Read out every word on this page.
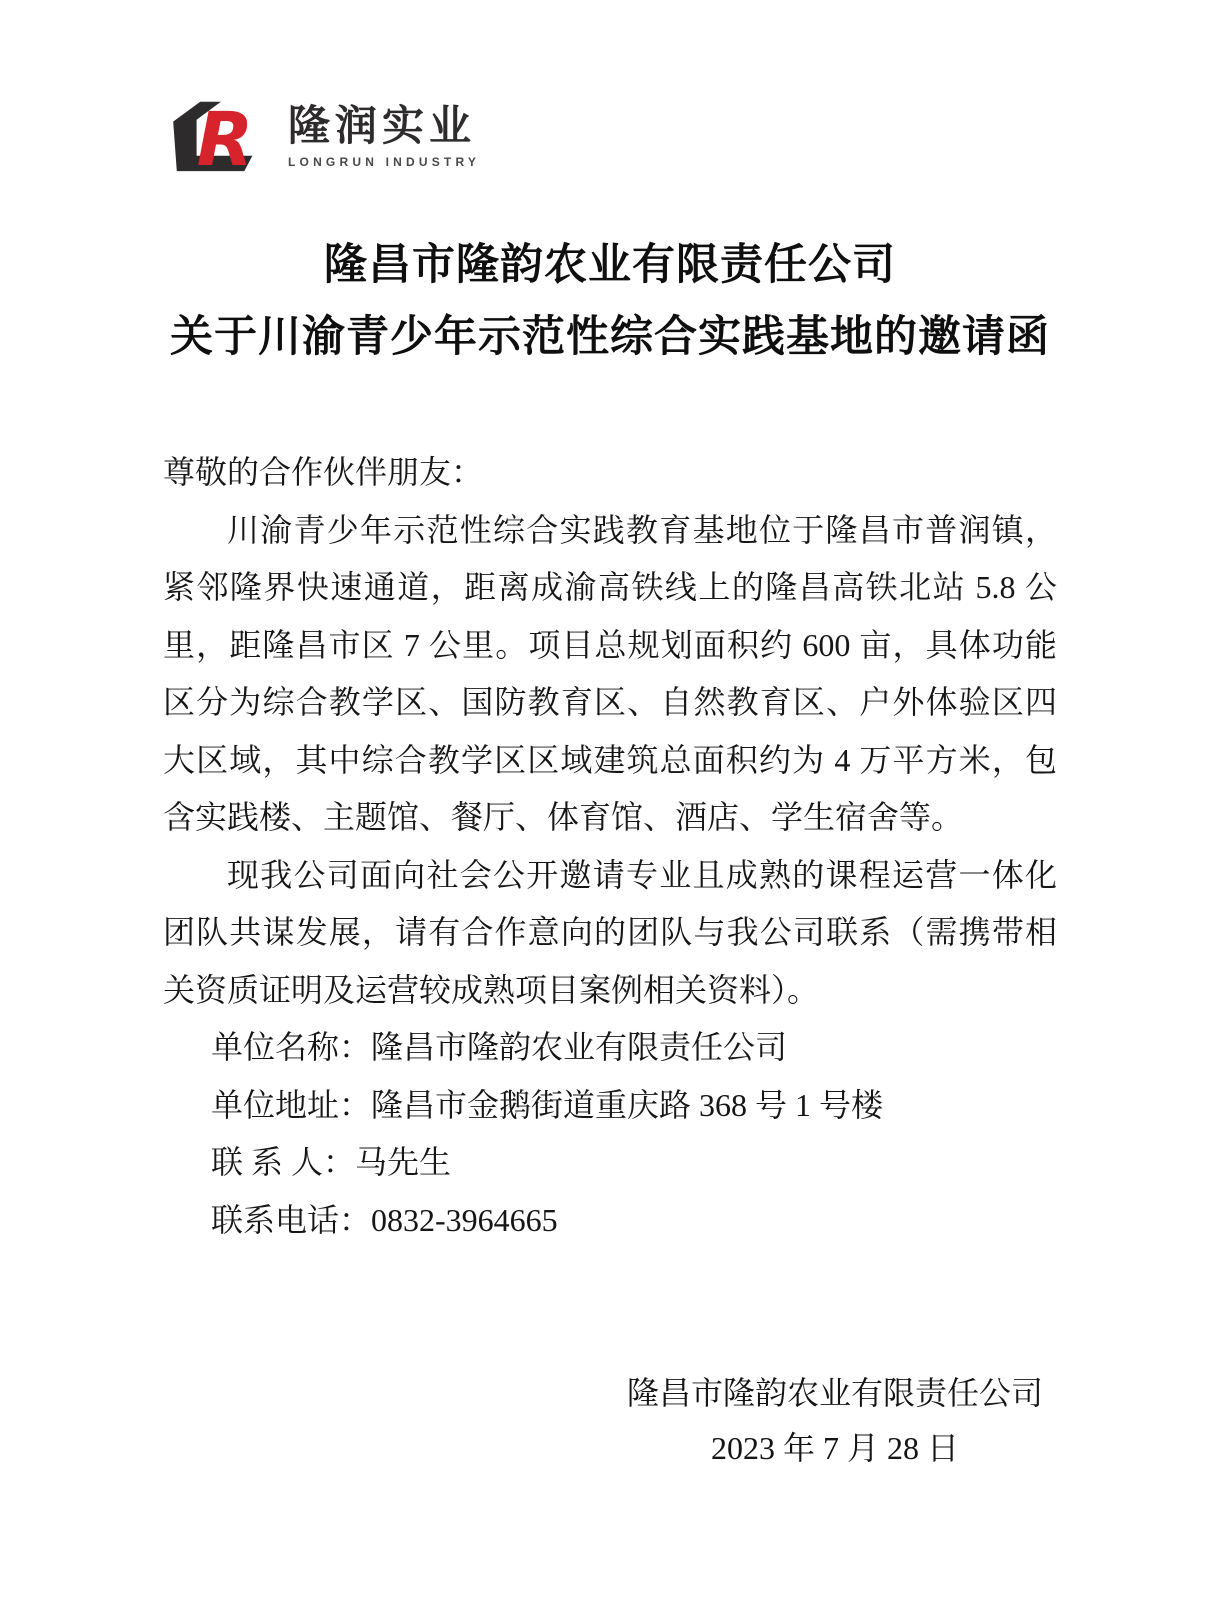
R 隆润实业
LONGRUN INDUSTRY
隆昌市隆韵农业有限责任公司
关于川渝青少年示范性综合实践基地的邀请函
尊敬的合作伙伴朋友：

川渝青少年示范性综合实践教育基地位于隆昌市普润镇，紧邻隆界快速通道，距离成渝高铁线上的隆昌高铁北站 5.8 公里，距隆昌市区 7 公里。项目总规划面积约 600 亩，具体功能区分为综合教学区、国防教育区、自然教育区、户外体验区四大区域，其中综合教学区区域建筑总面积约为 4 万平方米，包含实践楼、主题馆、餐厅、体育馆、酒店、学生宿舍等。

现我公司面向社会公开邀请专业且成熟的课程运营一体化团队共谋发展，请有合作意向的团队与我公司联系（需携带相关资质证明及运营较成熟项目案例相关资料）。

单位名称：隆昌市隆韵农业有限责任公司
单位地址：隆昌市金鹅街道重庆路 368 号 1 号楼
联 系 人：马先生
联系电话：0832-3964665
隆昌市隆韵农业有限责任公司
2023 年 7 月 28 日
